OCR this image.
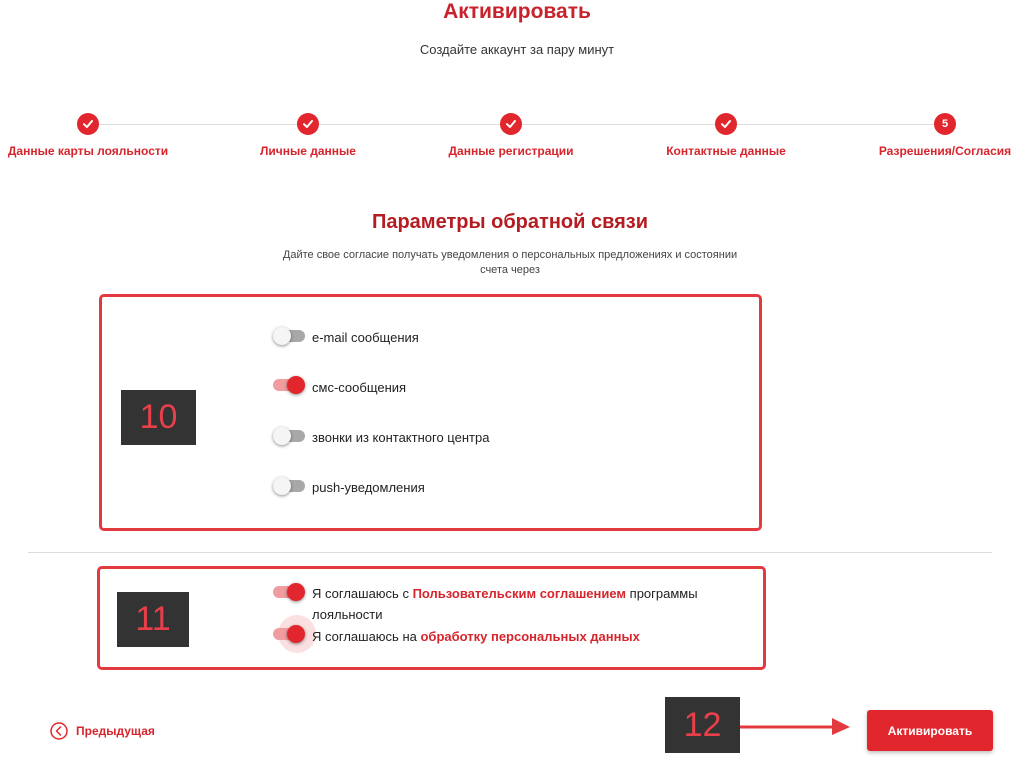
Активировать
Создайте аккаунт за пару минут
Данные карты лояльности	Личные данные	Данные регистрации	Контактные данные
5
Разрешения/Согласия
Параметры обратной связи
Дайте свое согласие получать уведомления о персональных предложениях и состоянии счета через
10
e-mail сообщения
смс-сообщения
звонки из контактного центра
push-уведомления
11
Я соглашаюсь с Пользовательским соглашением программы лояльности
Я соглашаюсь на обработку персональных данных
Предыдущая	12	Активировать
